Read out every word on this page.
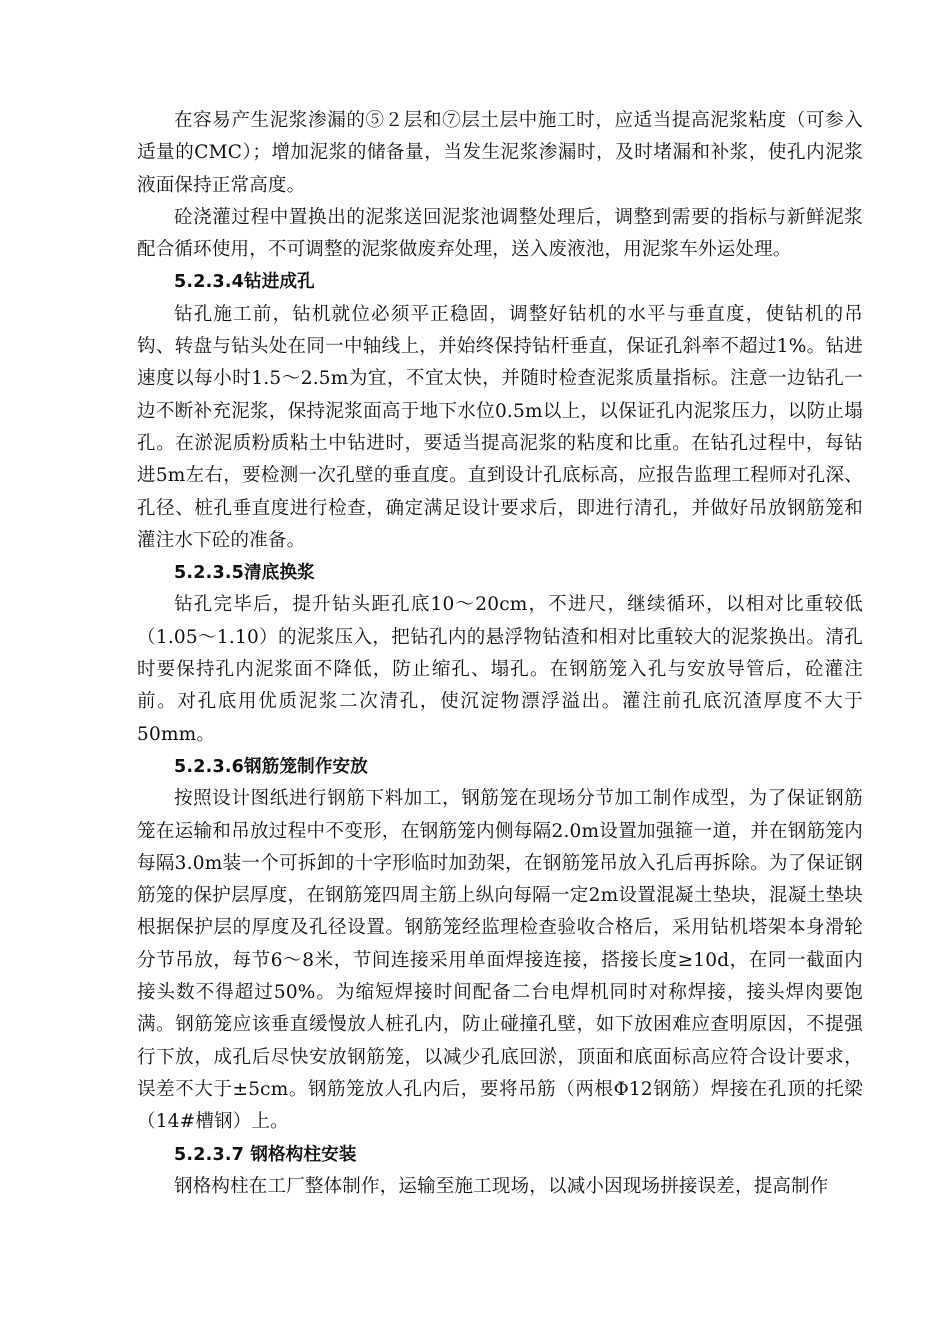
在容易产生泥浆渗漏的⑤２层和⑦层土层中施工时，应适当提高泥浆粘度（可参入适量的CMC）；增加泥浆的储备量，当发生泥浆渗漏时，及时堵漏和补浆，使孔内泥浆液面保持正常高度。

砼浇灌过程中置换出的泥浆送回泥浆池调整处理后，调整到需要的指标与新鲜泥浆配合循环使用，不可调整的泥浆做废弃处理，送入废液池，用泥浆车外运处理。

5.2.3.4钻进成孔

钻孔施工前，钻机就位必须平正稳固，调整好钻机的水平与垂直度，使钻机的吊钩、转盘与钻头处在同一中轴线上，并始终保持钻杆垂直，保证孔斜率不超过1%。钻进速度以每小时1.5～2.5m为宜，不宜太快，并随时检查泥浆质量指标。注意一边钻孔一边不断补充泥浆，保持泥浆面高于地下水位0.5m以上，以保证孔内泥浆压力，以防止塌孔。在淤泥质粉质粘土中钻进时，要适当提高泥浆的粘度和比重。在钻孔过程中，每钻进5m左右，要检测一次孔壁的垂直度。直到设计孔底标高，应报告监理工程师对孔深、孔径、桩孔垂直度进行检查，确定满足设计要求后，即进行清孔，并做好吊放钢筋笼和灌注水下砼的准备。

5.2.3.5清底换浆

钻孔完毕后，提升钻头距孔底10～20cm，不进尺，继续循环，以相对比重较低（1.05～1.10）的泥浆压入，把钻孔内的悬浮物钻渣和相对比重较大的泥浆换出。清孔时要保持孔内泥浆面不降低，防止缩孔、塌孔。在钢筋笼入孔与安放导管后，砼灌注前。对孔底用优质泥浆二次清孔，使沉淀物漂浮溢出。灌注前孔底沉渣厚度不大于50mm。

5.2.3.6钢筋笼制作安放

按照设计图纸进行钢筋下料加工，钢筋笼在现场分节加工制作成型，为了保证钢筋笼在运输和吊放过程中不变形，在钢筋笼内侧每隔2.0m设置加强箍一道，并在钢筋笼内每隔3.0m装一个可拆卸的十字形临时加劲架，在钢筋笼吊放入孔后再拆除。为了保证钢筋笼的保护层厚度，在钢筋笼四周主筋上纵向每隔一定2m设置混凝土垫块，混凝土垫块根据保护层的厚度及孔径设置。钢筋笼经监理检查验收合格后，采用钻机塔架本身滑轮分节吊放，每节6～8米，节间连接采用单面焊接连接，搭接长度≥10d，在同一截面内接头数不得超过50%。为缩短焊接时间配备二台电焊机同时对称焊接，接头焊肉要饱满。钢筋笼应该垂直缓慢放人桩孔内，防止碰撞孔壁，如下放困难应查明原因，不提强行下放，成孔后尽快安放钢筋笼，以减少孔底回淤，顶面和底面标高应符合设计要求，误差不大于±5cm。钢筋笼放人孔内后，要将吊筋（两根Φ12钢筋）焊接在孔顶的托梁（14#槽钢）上。

5.2.3.7 钢格构柱安装

钢格构柱在工厂整体制作，运输至施工现场，以减小因现场拼接误差，提高制作
